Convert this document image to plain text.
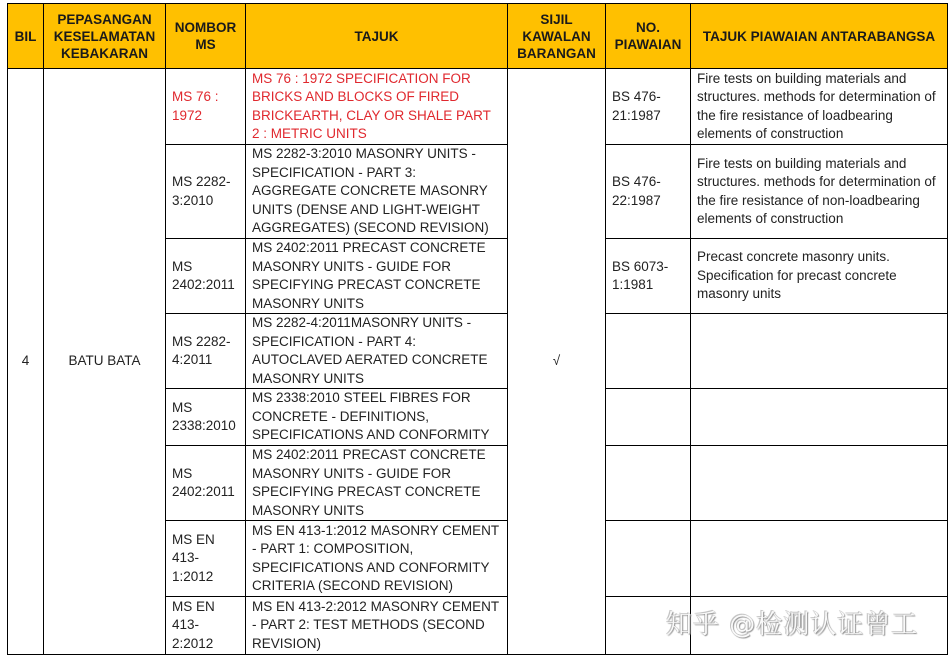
BIL	PEPASANGAN KESELAMATAN KEBAKARAN	NOMBOR MS	TAJUK	SIJIL KAWALAN BARANGAN	NO. PIAWAIAN	TAJUK PIAWAIAN ANTARABANGSA
4	BATU BATA	MS 76 : 1972	MS 76 : 1972 SPECIFICATION FOR BRICKS AND BLOCKS OF FIRED BRICKEARTH, CLAY OR SHALE PART 2 : METRIC UNITS	√	BS 476-21:1987	Fire tests on building materials and structures. methods for determination of the fire resistance of loadbearing elements of construction
		MS 2282-3:2010	MS 2282-3:2010 MASONRY UNITS - SPECIFICATION - PART 3: AGGREGATE CONCRETE MASONRY UNITS (DENSE AND LIGHT-WEIGHT AGGREGATES) (SECOND REVISION)		BS 476-22:1987	Fire tests on building materials and structures. methods for determination of the fire resistance of non-loadbearing elements of construction
		MS 2402:2011	MS 2402:2011 PRECAST CONCRETE MASONRY UNITS - GUIDE FOR SPECIFYING PRECAST CONCRETE MASONRY UNITS		BS 6073-1:1981	Precast concrete masonry units. Specification for precast concrete masonry units
		MS 2282-4:2011	MS 2282-4:2011MASONRY UNITS - SPECIFICATION - PART 4: AUTOCLAVED AERATED CONCRETE MASONRY UNITS			
		MS 2338:2010	MS 2338:2010 STEEL FIBRES FOR CONCRETE - DEFINITIONS, SPECIFICATIONS AND CONFORMITY			
		MS 2402:2011	MS 2402:2011 PRECAST CONCRETE MASONRY UNITS - GUIDE FOR SPECIFYING PRECAST CONCRETE MASONRY UNITS			
		MS EN 413-1:2012	MS EN 413-1:2012 MASONRY CEMENT - PART 1: COMPOSITION, SPECIFICATIONS AND CONFORMITY CRITERIA (SECOND REVISION)			
		MS EN 413-2:2012	MS EN 413-2:2012 MASONRY CEMENT - PART 2: TEST METHODS (SECOND REVISION)			
知乎 @检测认证曾工
